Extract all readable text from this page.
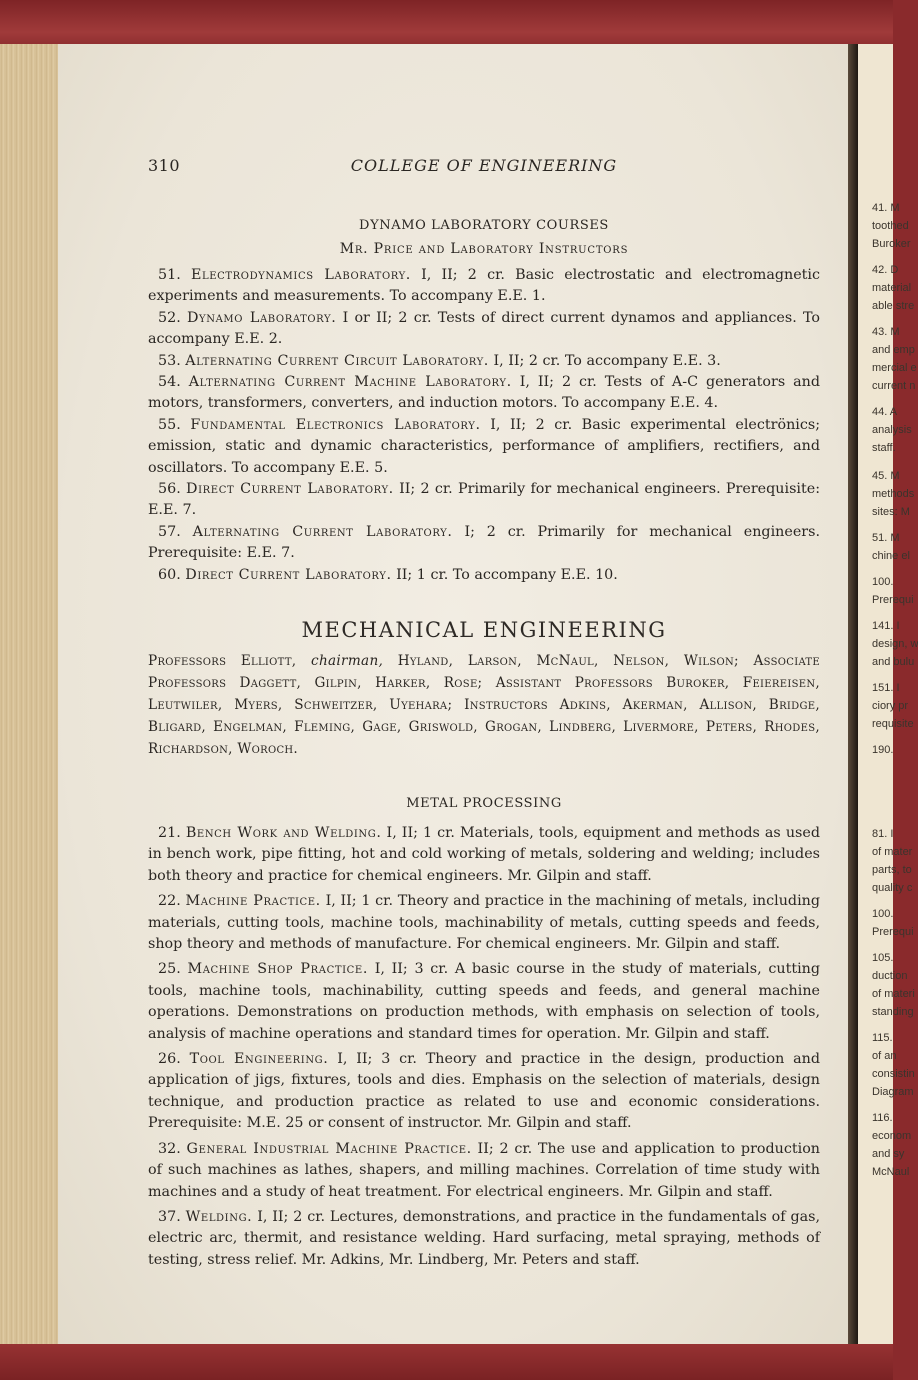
41. M
toothed
Buroker
42. D
material
able stre
43. M
and emp
mercial e
current n
44. A
analysis
staff.
45. M
methods
sites: M
51. M
chine el
100.
Prerequi
141. I
design, w
and bulu
151. I
ciory pr
requisite
190.
81. I
of mater
parts, to
quality c
100.
Prerequi
105.
duction
of materi
standing
115.
of an
consistin
Diagram
116.
econom
and sy
McNaul
310	COLLEGE OF ENGINEERING
DYNAMO LABORATORY COURSES
Mr. Price and Laboratory Instructors

51. Electrodynamics Laboratory. I, II; 2 cr. Basic electrostatic and electromagnetic experiments and measurements. To accompany E.E. 1.

52. Dynamo Laboratory. I or II; 2 cr. Tests of direct current dynamos and appliances. To accompany E.E. 2.

53. Alternating Current Circuit Laboratory. I, II; 2 cr. To accompany E.E. 3.

54. Alternating Current Machine Laboratory. I, II; 2 cr. Tests of A-C generators and motors, transformers, converters, and induction motors. To accompany E.E. 4.

55. Fundamental Electronics Laboratory. I, II; 2 cr. Basic experimental electrönics; emission, static and dynamic characteristics, performance of amplifiers, rectifiers, and oscillators. To accompany E.E. 5.

56. Direct Current Laboratory. II; 2 cr. Primarily for mechanical engineers. Prerequisite: E.E. 7.

57. Alternating Current Laboratory. I; 2 cr. Primarily for mechanical engineers. Prerequisite: E.E. 7.

60. Direct Current Laboratory. II; 1 cr. To accompany E.E. 10.

MECHANICAL ENGINEERING
Professors Elliott, chairman, Hyland, Larson, McNaul, Nelson, Wilson; Associate Professors Daggett, Gilpin, Harker, Rose; Assistant Professors Buroker, Feiereisen, Leutwiler, Myers, Schweitzer, Uyehara; Instructors Adkins, Akerman, Allison, Bridge, Bligard, Engelman, Fleming, Gage, Griswold, Grogan, Lindberg, Livermore, Peters, Rhodes, Richardson, Woroch.
METAL PROCESSING

21. Bench Work and Welding. I, II; 1 cr. Materials, tools, equipment and methods as used in bench work, pipe fitting, hot and cold working of metals, soldering and welding; includes both theory and practice for chemical engineers. Mr. Gilpin and staff.

22. Machine Practice. I, II; 1 cr. Theory and practice in the machining of metals, including materials, cutting tools, machine tools, machinability of metals, cutting speeds and feeds, shop theory and methods of manufacture. For chemical engineers. Mr. Gilpin and staff.

25. Machine Shop Practice. I, II; 3 cr. A basic course in the study of materials, cutting tools, machine tools, machinability, cutting speeds and feeds, and general machine operations. Demonstrations on production methods, with emphasis on selection of tools, analysis of machine operations and standard times for operation. Mr. Gilpin and staff.

26. Tool Engineering. I, II; 3 cr. Theory and practice in the design, production and application of jigs, fixtures, tools and dies. Emphasis on the selection of materials, design technique, and production practice as related to use and economic considerations. Prerequisite: M.E. 25 or consent of instructor. Mr. Gilpin and staff.

32. General Industrial Machine Practice. II; 2 cr. The use and application to production of such machines as lathes, shapers, and milling machines. Correlation of time study with machines and a study of heat treatment. For electrical engineers. Mr. Gilpin and staff.

37. Welding. I, II; 2 cr. Lectures, demonstrations, and practice in the fundamentals of gas, electric arc, thermit, and resistance welding. Hard surfacing, metal spraying, methods of testing, stress relief. Mr. Adkins, Mr. Lindberg, Mr. Peters and staff.
